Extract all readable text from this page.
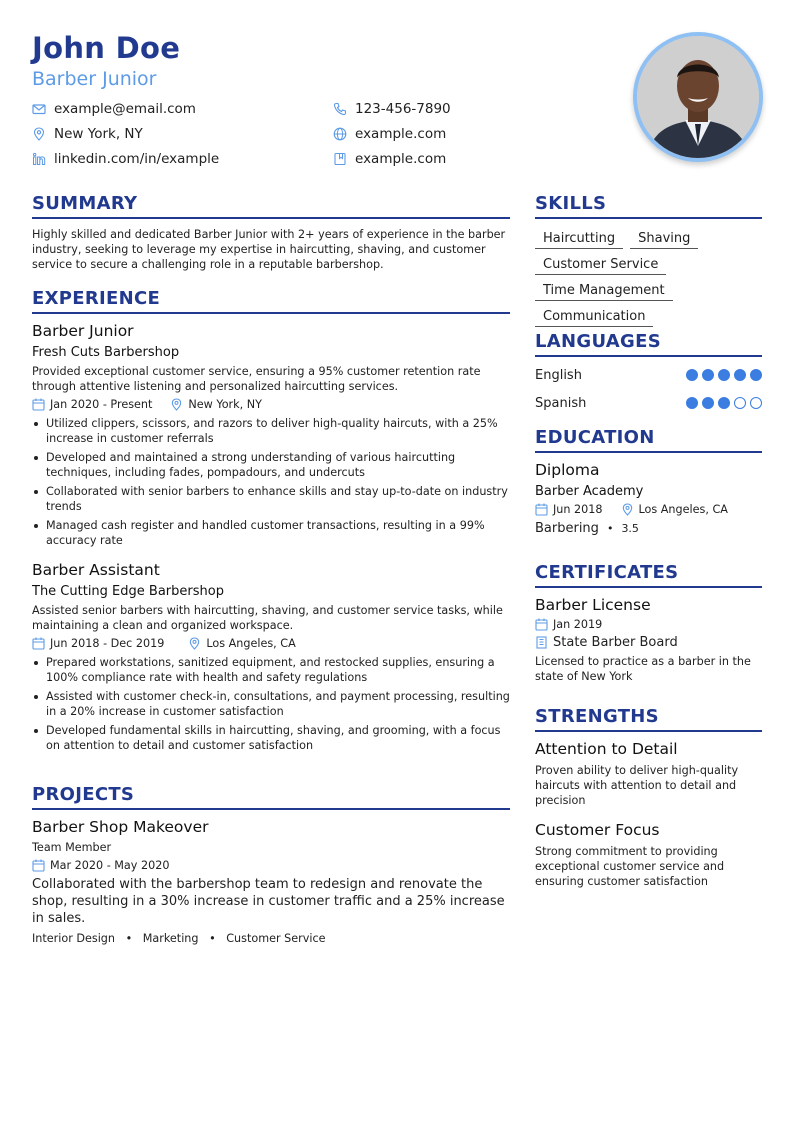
John Doe
Barber Junior
example@email.com	123-456-7890
New York, NY	example.com
linkedin.com/in/example	example.com
SUMMARY
Highly skilled and dedicated Barber Junior with 2+ years of experience in the barber industry, seeking to leverage my expertise in haircutting, shaving, and customer service to secure a challenging role in a reputable barbershop.
EXPERIENCE
Barber Junior
Fresh Cuts Barbershop
Provided exceptional customer service, ensuring a 95% customer retention rate through attentive listening and personalized haircutting services.
Jan 2020 - Present	New York, NY
Utilized clippers, scissors, and razors to deliver high-quality haircuts, with a 25% increase in customer referrals
Developed and maintained a strong understanding of various haircutting techniques, including fades, pompadours, and undercuts
Collaborated with senior barbers to enhance skills and stay up-to-date on industry trends
Managed cash register and handled customer transactions, resulting in a 99% accuracy rate
Barber Assistant
The Cutting Edge Barbershop
Assisted senior barbers with haircutting, shaving, and customer service tasks, while maintaining a clean and organized workspace.
Jun 2018 - Dec 2019	Los Angeles, CA
Prepared workstations, sanitized equipment, and restocked supplies, ensuring a 100% compliance rate with health and safety regulations
Assisted with customer check-in, consultations, and payment processing, resulting in a 20% increase in customer satisfaction
Developed fundamental skills in haircutting, shaving, and grooming, with a focus on attention to detail and customer satisfaction
PROJECTS
Barber Shop Makeover
Team Member
Mar 2020 - May 2020
Collaborated with the barbershop team to redesign and renovate the shop, resulting in a 30% increase in customer traffic and a 25% increase in sales.
Interior Design • Marketing • Customer Service
SKILLS
Haircutting Shaving
Customer Service
Time Management
Communication
LANGUAGES
English
Spanish
EDUCATION
Diploma
Barber Academy
Jun 2018	Los Angeles, CA
Barbering • 3.5
CERTIFICATES
Barber License
Jan 2019
State Barber Board
Licensed to practice as a barber in the state of New York
STRENGTHS
Attention to Detail
Proven ability to deliver high-quality haircuts with attention to detail and precision
Customer Focus
Strong commitment to providing exceptional customer service and ensuring customer satisfaction
